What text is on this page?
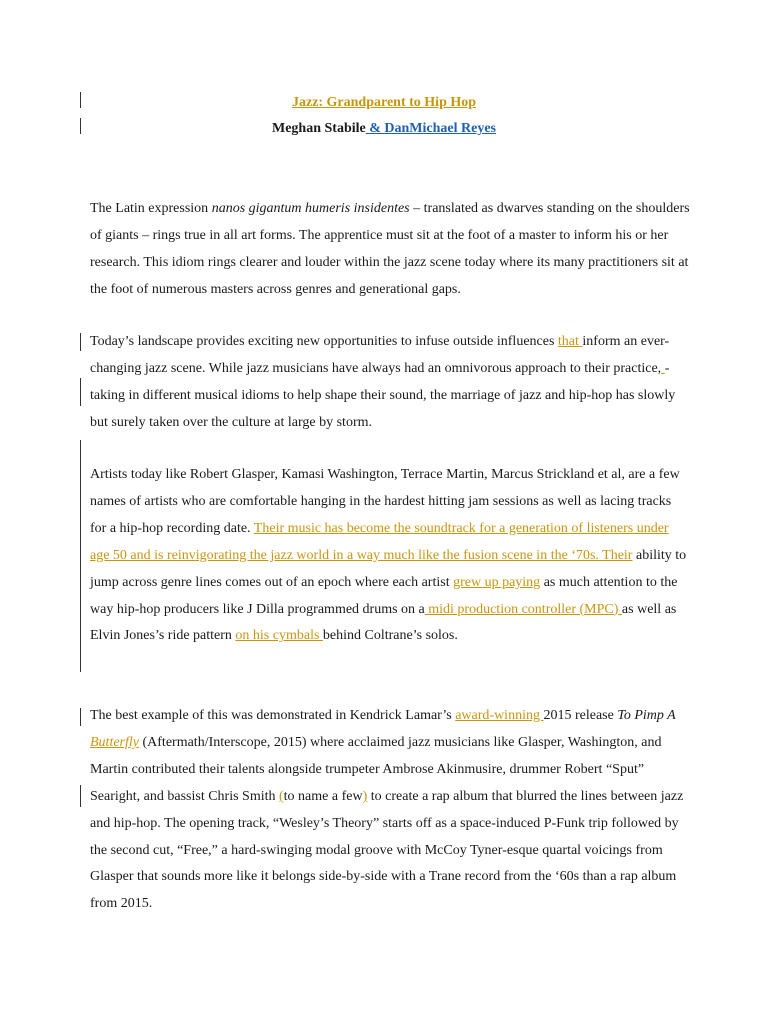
Jazz: Grandparent to Hip Hop
Meghan Stabile & DanMichael Reyes

The Latin expression nanos gigantum humeris insidentes – translated as dwarves standing on the shoulders of giants – rings true in all art forms. The apprentice must sit at the foot of a master to inform his or her research. This idiom rings clearer and louder within the jazz scene today where its many practitioners sit at the foot of numerous masters across genres and generational gaps.

Today’s landscape provides exciting new opportunities to infuse outside influences that inform an ever-changing jazz scene. While jazz musicians have always had an omnivorous approach to their practice, -taking in different musical idioms to help shape their sound, the marriage of jazz and hip-hop has slowly but surely taken over the culture at large by storm.

Artists today like Robert Glasper, Kamasi Washington, Terrace Martin, Marcus Strickland et al, are a few names of artists who are comfortable hanging in the hardest hitting jam sessions as well as lacing tracks for a hip-hop recording date. Their music has become the soundtrack for a generation of listeners under age 50 and is reinvigorating the jazz world in a way much like the fusion scene in the ‘70s. Their ability to jump across genre lines comes out of an epoch where each artist grew up paying as much attention to the way hip-hop producers like J Dilla programmed drums on a midi production controller (MPC) as well as Elvin Jones’s ride pattern on his cymbals behind Coltrane’s solos.

The best example of this was demonstrated in Kendrick Lamar’s award-winning 2015 release To Pimp A Butterfly (Aftermath/Interscope, 2015) where acclaimed jazz musicians like Glasper, Washington, and Martin contributed their talents alongside trumpeter Ambrose Akinmusire, drummer Robert “Sput” Searight, and bassist Chris Smith (to name a few) to create a rap album that blurred the lines between jazz and hip-hop. The opening track, “Wesley’s Theory” starts off as a space-induced P-Funk trip followed by the second cut, “Free,” a hard-swinging modal groove with McCoy Tyner-esque quartal voicings from Glasper that sounds more like it belongs side-by-side with a Trane record from the ‘60s than a rap album from 2015.
